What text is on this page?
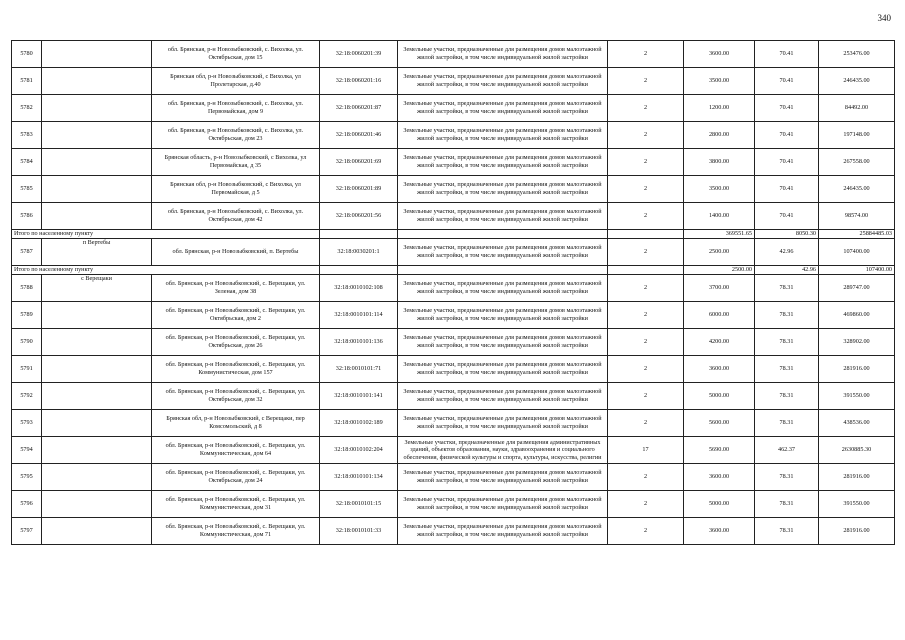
340
5780		обл. Брянская, р-н Новозыбковский, с. Вихолка, ул. Октябрьская, дом 15	32:18:0060201:39	Земельные участки, предназначенные для размещения домов малоэтажной жилой застройки, в том числе индивидуальной жилой застройки	2	3600.00	70.41	253476.00
5781		Брянская обл, р-н Новозыбковский, с Вихолка, ул Пролетарская, д.40	32:18:0060201:16	Земельные участки, предназначенные для размещения домов малоэтажной жилой застройки, в том числе индивидуальной жилой застройки	2	3500.00	70.41	246435.00
5782		обл. Брянская, р-н Новозыбковский, с. Вихолка, ул. Первомайская, дом 9	32:18:0060201:87	Земельные участки, предназначенные для размещения домов малоэтажной жилой застройки, в том числе индивидуальной жилой застройки	2	1200.00	70.41	84492.00
5783		обл. Брянская, р-н Новозыбковский, с. Вихолка, ул. Октябрьская, дом 23	32:18:0060201:46	Земельные участки, предназначенные для размещения домов малоэтажной жилой застройки, в том числе индивидуальной жилой застройки	2	2800.00	70.41	197148.00
5784		Брянская область, р-н Новозыбковский, с Вихолка, ул Первомайская, д 35	32:18:0060201:69	Земельные участки, предназначенные для размещения домов малоэтажной жилой застройки, в том числе индивидуальной жилой застройки	2	3800.00	70.41	267558.00
5785		Брянская обл, р-н Новозыбковский, с Вихолка, ул Первомайская, д 5	32:18:0060201:89	Земельные участки, предназначенные для размещения домов малоэтажной жилой застройки, в том числе индивидуальной жилой застройки	2	3500.00	70.41	246435.00
5786		обл. Брянская, р-н Новозыбковский, с. Вихолка, ул. Октябрьская, дом 42	32:18:0060201:56	Земельные участки, предназначенные для размещения домов малоэтажной жилой застройки, в том числе индивидуальной жилой застройки	2	1400.00	70.41	98574.00
Итого по населенному пункту						369551.65	8050.30	25884485.03
5787	п Вертебы	обл. Брянская, р-н Новозыбковский, п. Вертебы	32:18:0030201:1	Земельные участки, предназначенные для размещения домов малоэтажной жилой застройки, в том числе индивидуальной жилой застройки	2	2500.00	42.96	107400.00
Итого по населенному пункту						2500.00	42.96	107400.00
5788	с Верещаки	обл. Брянская, р-н Новозыбковский, с. Верещаки, ул. Зеленая, дом 38	32:18:0010102:108	Земельные участки, предназначенные для размещения домов малоэтажной жилой застройки, в том числе индивидуальной жилой застройки	2	3700.00	78.31	289747.00
5789		обл. Брянская, р-н Новозыбковский, с. Верещаки, ул. Октябрьская, дом 2	32:18:0010101:114	Земельные участки, предназначенные для размещения домов малоэтажной жилой застройки, в том числе индивидуальной жилой застройки	2	6000.00	78.31	469860.00
5790		обл. Брянская, р-н Новозыбковский, с. Верещаки, ул. Октябрьская, дом 26	32:18:0010101:136	Земельные участки, предназначенные для размещения домов малоэтажной жилой застройки, в том числе индивидуальной жилой застройки	2	4200.00	78.31	328902.00
5791		обл. Брянская, р-н Новозыбковский, с. Верещаки, ул. Коммунистическая, дом 157	32:18:0010101:71	Земельные участки, предназначенные для размещения домов малоэтажной жилой застройки, в том числе индивидуальной жилой застройки	2	3600.00	78.31	281916.00
5792		обл. Брянская, р-н Новозыбковский, с. Верещаки, ул. Октябрьская, дом 32	32:18:0010101:141	Земельные участки, предназначенные для размещения домов малоэтажной жилой застройки, в том числе индивидуальной жилой застройки	2	5000.00	78.31	391550.00
5793		Брянская обл, р-н Новозыбковский, с Верещаки, пер Комсомольский, д 8	32:18:0010102:189	Земельные участки, предназначенные для размещения домов малоэтажной жилой застройки, в том числе индивидуальной жилой застройки	2	5600.00	78.31	438536.00
5794		обл. Брянская, р-н Новозыбковский, с. Верещаки, ул. Коммунистическая, дом 64	32:18:0010102:204	Земельные участки, предназначенные для размещения административных зданий, объектов образования, науки, здравоохранения и социального обеспечения, физической культуры и спорта, культуры, искусства, религии	17	5690.00	462.37	2630885.30
5795		обл. Брянская, р-н Новозыбковский, с. Верещаки, ул. Октябрьская, дом 24	32:18:0010101:134	Земельные участки, предназначенные для размещения домов малоэтажной жилой застройки, в том числе индивидуальной жилой застройки	2	3600.00	78.31	281916.00
5796		обл. Брянская, р-н Новозыбковский, с. Верещаки, ул. Коммунистическая, дом 31	32:18:0010101:15	Земельные участки, предназначенные для размещения домов малоэтажной жилой застройки, в том числе индивидуальной жилой застройки	2	5000.00	78.31	391550.00
5797		обл. Брянская, р-н Новозыбковский, с. Верещаки, ул. Коммунистическая, дом 71	32:18:0010101:33	Земельные участки, предназначенные для размещения домов малоэтажной жилой застройки, в том числе индивидуальной жилой застройки	2	3600.00	78.31	281916.00
